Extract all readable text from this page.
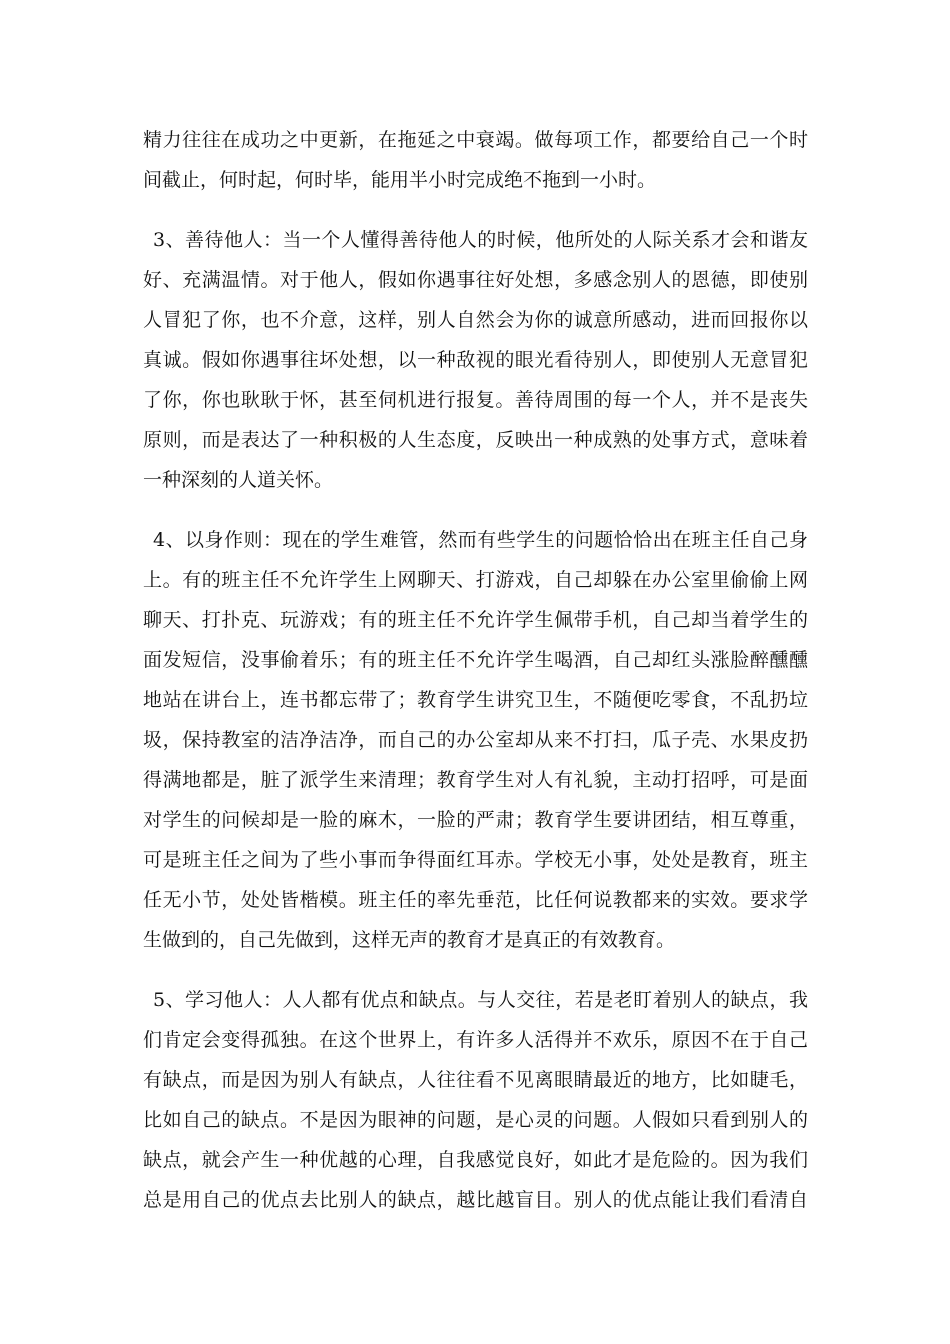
精力往往在成功之中更新，在拖延之中衰竭。做每项工作，都要给自己一个时
间截止，何时起，何时毕，能用半小时完成绝不拖到一小时。
3、善待他人：当一个人懂得善待他人的时候，他所处的人际关系才会和谐友
好、充满温情。对于他人，假如你遇事往好处想，多感念别人的恩德，即使别
人冒犯了你，也不介意，这样，别人自然会为你的诚意所感动，进而回报你以
真诚。假如你遇事往坏处想，以一种敌视的眼光看待别人，即使别人无意冒犯
了你，你也耿耿于怀，甚至伺机进行报复。善待周围的每一个人，并不是丧失
原则，而是表达了一种积极的人生态度，反映出一种成熟的处事方式，意味着
一种深刻的人道关怀。
4、以身作则：现在的学生难管，然而有些学生的问题恰恰出在班主任自己身
上。有的班主任不允许学生上网聊天、打游戏，自己却躲在办公室里偷偷上网
聊天、打扑克、玩游戏；有的班主任不允许学生佩带手机，自己却当着学生的
面发短信，没事偷着乐；有的班主任不允许学生喝酒，自己却红头涨脸醉醺醺
地站在讲台上，连书都忘带了；教育学生讲究卫生，不随便吃零食，不乱扔垃
圾，保持教室的洁净洁净，而自己的办公室却从来不打扫，瓜子壳、水果皮扔
得满地都是，脏了派学生来清理；教育学生对人有礼貌，主动打招呼，可是面
对学生的问候却是一脸的麻木，一脸的严肃；教育学生要讲团结，相互尊重，
可是班主任之间为了些小事而争得面红耳赤。学校无小事，处处是教育，班主
任无小节，处处皆楷模。班主任的率先垂范，比任何说教都来的实效。要求学
生做到的，自己先做到，这样无声的教育才是真正的有效教育。
5、学习他人：人人都有优点和缺点。与人交往，若是老盯着别人的缺点，我
们肯定会变得孤独。在这个世界上，有许多人活得并不欢乐，原因不在于自己
有缺点，而是因为别人有缺点，人往往看不见离眼睛最近的地方，比如睫毛，
比如自己的缺点。不是因为眼神的问题，是心灵的问题。人假如只看到别人的
缺点，就会产生一种优越的心理，自我感觉良好，如此才是危险的。因为我们
总是用自己的优点去比别人的缺点，越比越盲目。别人的优点能让我们看清自
